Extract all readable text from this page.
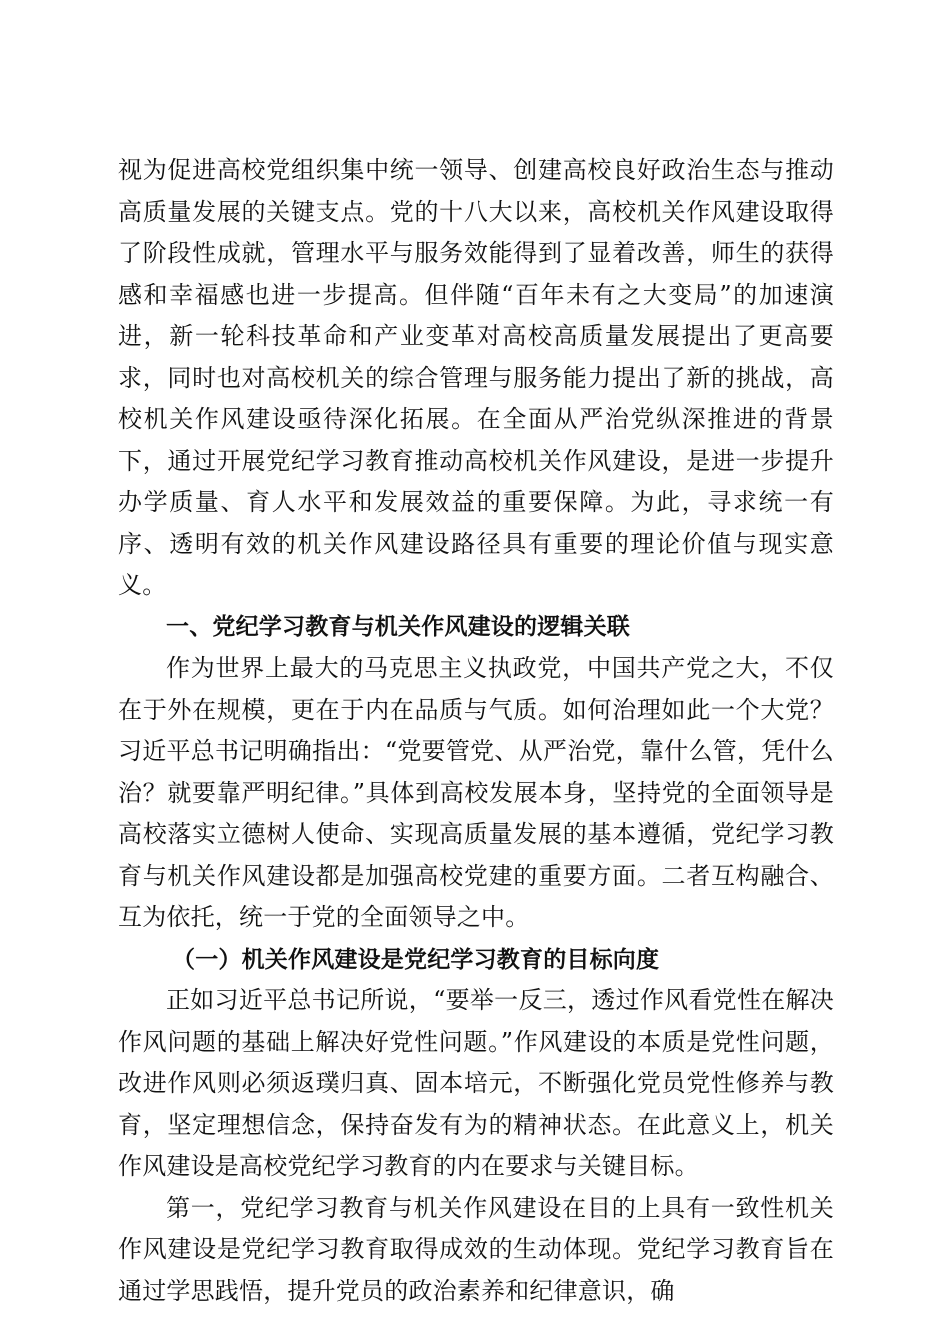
视为促进高校党组织集中统一领导、创建高校良好政治生态与推动高质量发展的关键支点。党的十八大以来，高校机关作风建设取得了阶段性成就，管理水平与服务效能得到了显着改善，师生的获得感和幸福感也进一步提高。但伴随“百年未有之大变局”的加速演进，新一轮科技革命和产业变革对高校高质量发展提出了更高要求，同时也对高校机关的综合管理与服务能力提出了新的挑战，高校机关作风建设亟待深化拓展。在全面从严治党纵深推进的背景下，通过开展党纪学习教育推动高校机关作风建设，是进一步提升办学质量、育人水平和发展效益的重要保障。为此，寻求统一有序、透明有效的机关作风建设路径具有重要的理论价值与现实意义。

一、党纪学习教育与机关作风建设的逻辑关联

作为世界上最大的马克思主义执政党，中国共产党之大，不仅在于外在规模，更在于内在品质与气质。如何治理如此一个大党？习近平总书记明确指出：“党要管党、从严治党，靠什么管，凭什么治？就要靠严明纪律。”具体到高校发展本身，坚持党的全面领导是高校落实立德树人使命、实现高质量发展的基本遵循，党纪学习教育与机关作风建设都是加强高校党建的重要方面。二者互构融合、互为依托，统一于党的全面领导之中。

（一）机关作风建设是党纪学习教育的目标向度

正如习近平总书记所说，“要举一反三，透过作风看党性在解决作风问题的基础上解决好党性问题。”作风建设的本质是党性问题，改进作风则必须返璞归真、固本培元，不断强化党员党性修养与教育，坚定理想信念，保持奋发有为的精神状态。在此意义上，机关作风建设是高校党纪学习教育的内在要求与关键目标。

第一，党纪学习教育与机关作风建设在目的上具有一致性机关作风建设是党纪学习教育取得成效的生动体现。党纪学习教育旨在通过学思践悟，提升党员的政治素养和纪律意识，确
